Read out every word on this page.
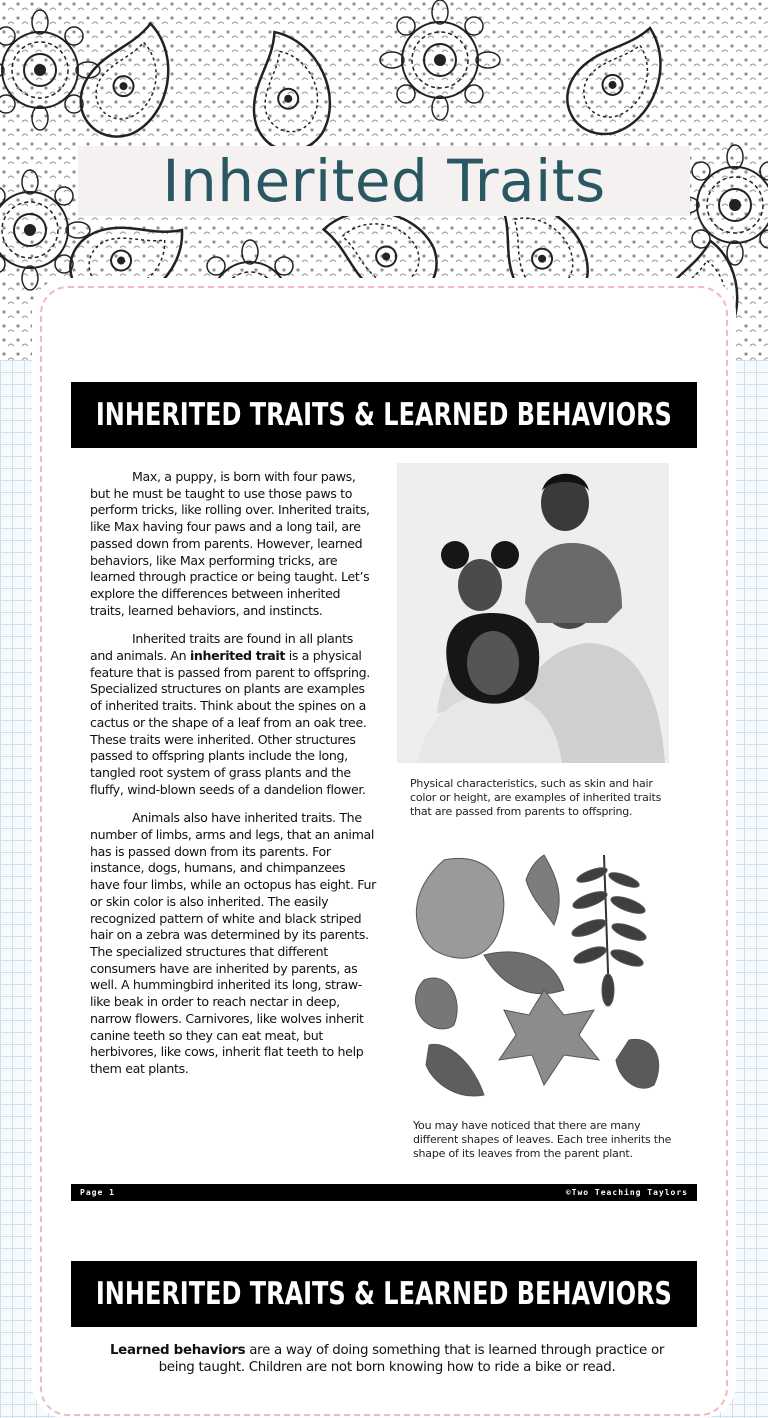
Inherited Traits
INHERITED TRAITS & LEARNED BEHAVIORS

Max, a puppy, is born with four paws, but he must be taught to use those paws to perform tricks, like rolling over. Inherited traits, like Max having four paws and a long tail, are passed down from parents. However, learned behaviors, like Max performing tricks, are learned through practice or being taught. Let’s explore the differences between inherited traits, learned behaviors, and instincts.

Inherited traits are found in all plants and animals. An inherited trait is a physical feature that is passed from parent to offspring. Specialized structures on plants are examples of inherited traits. Think about the spines on a cactus or the shape of a leaf from an oak tree. These traits were inherited. Other structures passed to offspring plants include the long, tangled root system of grass plants and the fluffy, wind-blown seeds of a dandelion flower.

Animals also have inherited traits. The number of limbs, arms and legs, that an animal has is passed down from its parents. For instance, dogs, humans, and chimpanzees have four limbs, while an octopus has eight. Fur or skin color is also inherited. The easily recognized pattern of white and black striped hair on a zebra was determined by its parents. The specialized structures that different consumers have are inherited by parents, as well. A hummingbird inherited its long, straw-like beak in order to reach nectar in deep, narrow flowers. Carnivores, like wolves inherit canine teeth so they can eat meat, but herbivores, like cows, inherit flat teeth to help them eat plants.

Physical characteristics, such as skin and hair color or height, are examples of inherited traits that are passed from parents to offspring.
You may have noticed that there are many different shapes of leaves. Each tree inherits the shape of its leaves from the parent plant.
Page 1	©Two Teaching Taylors
INHERITED TRAITS & LEARNED BEHAVIORS
Learned behaviors are a way of doing something that is learned through practice or being taught. Children are not born knowing how to ride a bike or read.
